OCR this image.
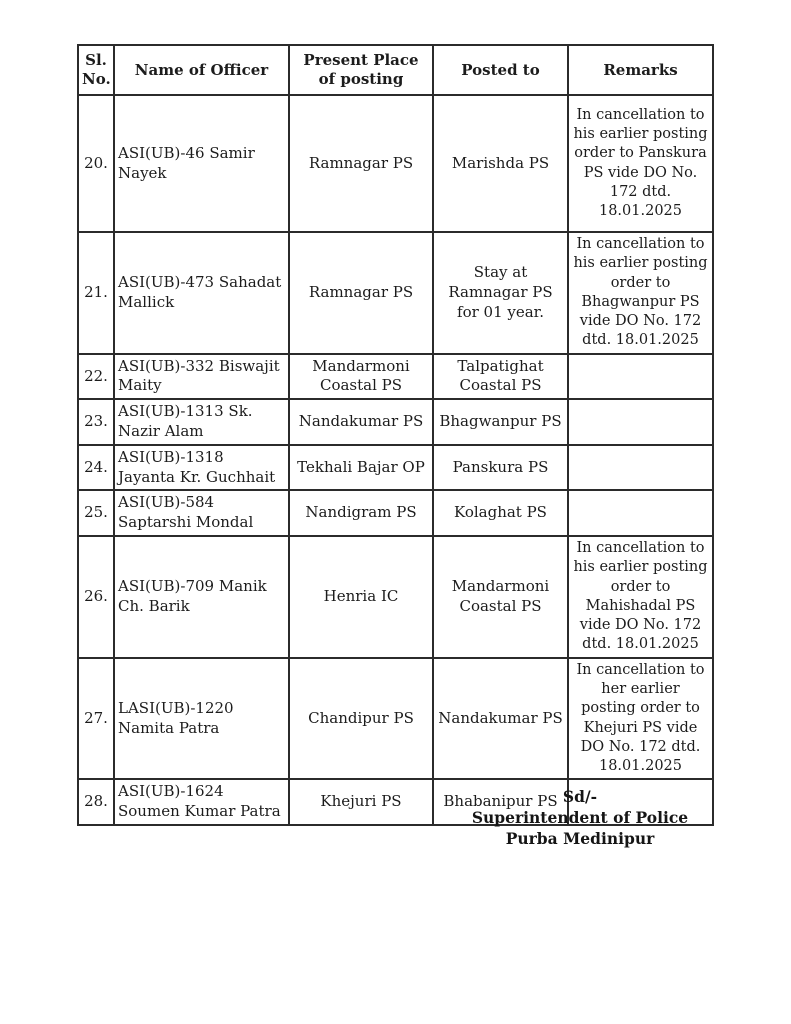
Sl. No.	Name of Officer	Present Place of posting	Posted to	Remarks
20.	ASI(UB)-46 Samir Nayek	Ramnagar PS	Marishda PS	In cancellation to his earlier posting order to Panskura PS vide DO No. 172 dtd. 18.01.2025
21.	ASI(UB)-473 Sahadat Mallick	Ramnagar PS	Stay at Ramnagar PS for 01 year.	In cancellation to his earlier posting order to Bhagwanpur PS vide DO No. 172 dtd. 18.01.2025
22.	ASI(UB)-332 Biswajit Maity	Mandarmoni Coastal PS	Talpatighat Coastal PS	
23.	ASI(UB)-1313 Sk. Nazir Alam	Nandakumar PS	Bhagwanpur PS	
24.	ASI(UB)-1318 Jayanta Kr. Guchhait	Tekhali Bajar OP	Panskura PS	
25.	ASI(UB)-584 Saptarshi Mondal	Nandigram PS	Kolaghat PS	
26.	ASI(UB)-709 Manik Ch. Barik	Henria IC	Mandarmoni Coastal PS	In cancellation to his earlier posting order to Mahishadal PS vide DO No. 172 dtd. 18.01.2025
27.	LASI(UB)-1220 Namita Patra	Chandipur PS	Nandakumar PS	In cancellation to her earlier posting order to Khejuri PS vide DO No. 172 dtd. 18.01.2025
28.	ASI(UB)-1624 Soumen Kumar Patra	Khejuri PS	Bhabanipur PS	Sd/-
Superintendent of Police
Purba Medinipur
